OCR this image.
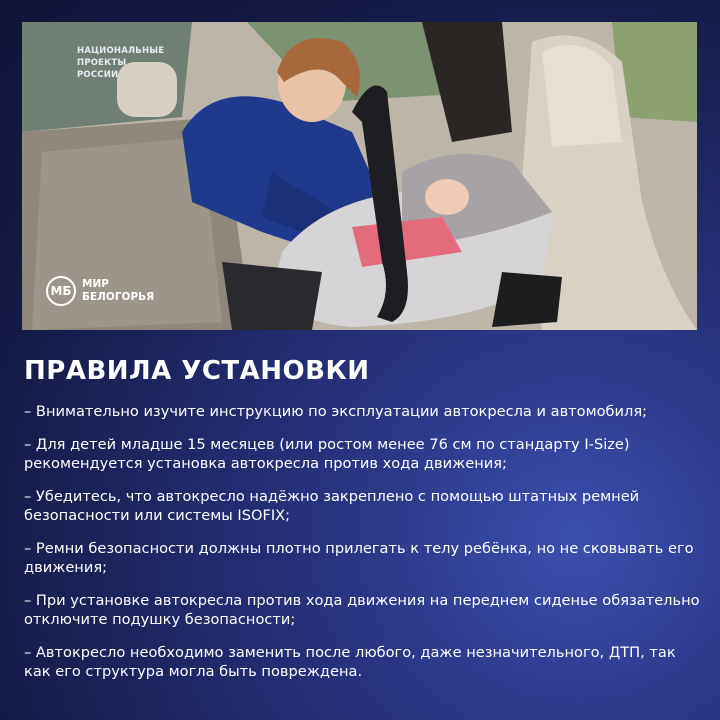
НАЦИОНАЛЬНЫЕ
ПРОЕКТЫ
РОССИИ
МБ МИР
БЕЛОГОРЬЯ
ПРАВИЛА УСТАНОВКИ

– Внимательно изучите инструкцию по эксплуатации автокресла и автомобиля;

– Для детей младше 15 месяцев (или ростом менее 76 см по стандарту I-Size) рекомендуется установка автокресла против хода движения;

– Убедитесь, что автокресло надёжно закреплено с помощью штатных ремней безопасности или системы ISOFIX;

– Ремни безопасности должны плотно прилегать к телу ребёнка, но не сковывать его движения;

– При установке автокресла против хода движения на переднем сиденье обязательно отключите подушку безопасности;

– Автокресло необходимо заменить после любого, даже незначительного, ДТП, так как его структура могла быть повреждена.
